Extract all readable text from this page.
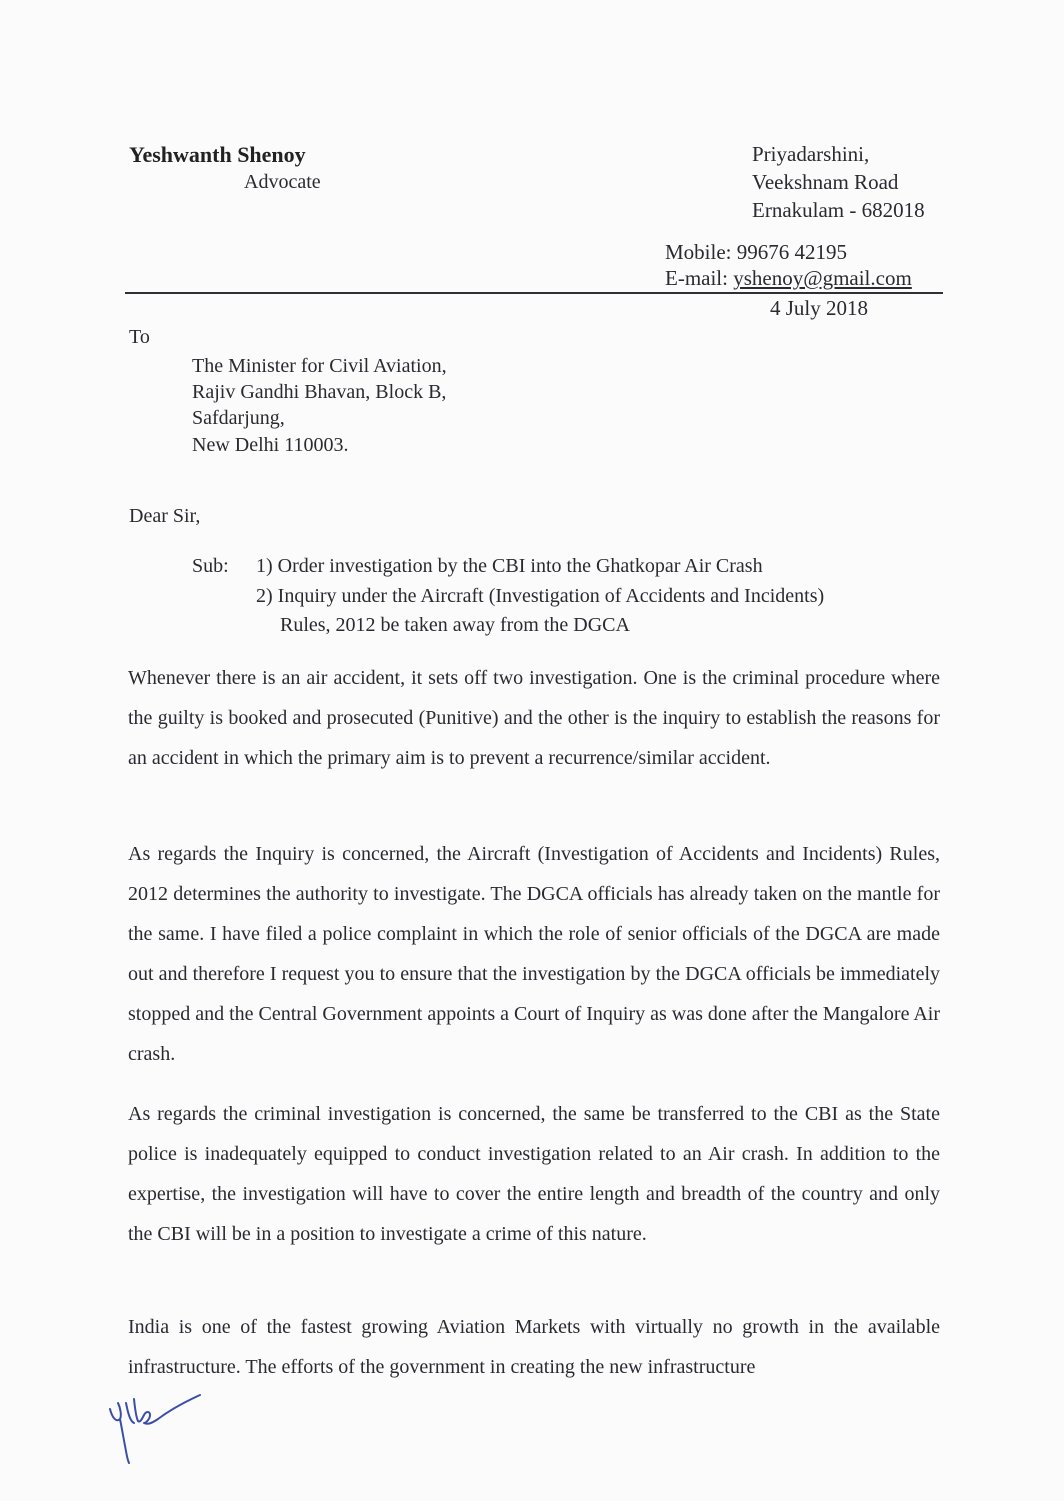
Yeshwanth Shenoy
Advocate
Priyadarshini,
Veekshnam Road
Ernakulam - 682018
Mobile: 99676 42195
E-mail: yshenoy@gmail.com
4 July 2018
To
The Minister for Civil Aviation,
Rajiv Gandhi Bhavan, Block B,
Safdarjung,
New Delhi 110003.
Dear Sir,
Sub: 1) Order investigation by the CBI into the Ghatkopar Air Crash
2) Inquiry under the Aircraft (Investigation of Accidents and Incidents)
Rules, 2012 be taken away from the DGCA
Whenever there is an air accident, it sets off two investigation. One is the criminal procedure where the guilty is booked and prosecuted (Punitive) and the other is the inquiry to establish the reasons for an accident in which the primary aim is to prevent a recurrence/similar accident.
As regards the Inquiry is concerned, the Aircraft (Investigation of Accidents and Incidents) Rules, 2012 determines the authority to investigate. The DGCA officials has already taken on the mantle for the same. I have filed a police complaint in which the role of senior officials of the DGCA are made out and therefore I request you to ensure that the investigation by the DGCA officials be immediately stopped and the Central Government appoints a Court of Inquiry as was done after the Mangalore Air crash.
As regards the criminal investigation is concerned, the same be transferred to the CBI as the State police is inadequately equipped to conduct investigation related to an Air crash. In addition to the expertise, the investigation will have to cover the entire length and breadth of the country and only the CBI will be in a position to investigate a crime of this nature.
India is one of the fastest growing Aviation Markets with virtually no growth in the available infrastructure. The efforts of the government in creating the new infrastructure
